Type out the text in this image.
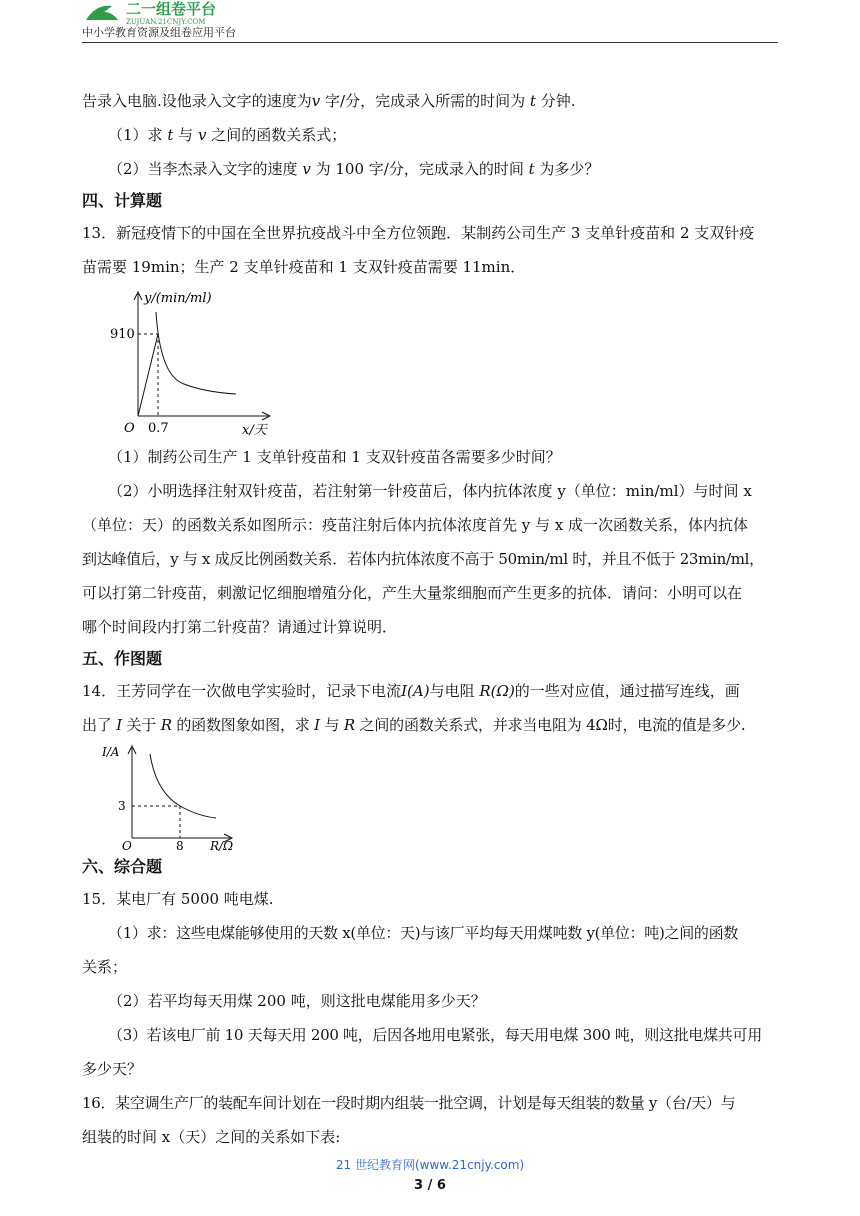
二一组卷平台
ZUJUAN.21CNJY.COM
中小学教育资源及组卷应用平台

告录入电脑.设他录入文字的速度为v 字/分，完成录入所需的时间为 t 分钟.

（1）求 t 与 v 之间的函数关系式；

（2）当李杰录入文字的速度 v 为 100 字/分，完成录入的时间 t 为多少？

四、计算题

13．新冠疫情下的中国在全世界抗疫战斗中全方位领跑．某制药公司生产 3 支单针疫苗和 2 支双针疫

苗需要 19min；生产 2 支单针疫苗和 1 支双针疫苗需要 11min．

y/(min/ml)
910
O 0.7	x/天

（1）制药公司生产 1 支单针疫苗和 1 支双针疫苗各需要多少时间？

（2）小明选择注射双针疫苗，若注射第一针疫苗后，体内抗体浓度 y（单位：min/ml）与时间 x

（单位：天）的函数关系如图所示：疫苗注射后体内抗体浓度首先 y 与 x 成一次函数关系，体内抗体

到达峰值后，y 与 x 成反比例函数关系．若体内抗体浓度不高于 50min/ml 时，并且不低于 23min/ml，

可以打第二针疫苗，刺激记忆细胞增殖分化，产生大量浆细胞而产生更多的抗体．请问：小明可以在

哪个时间段内打第二针疫苗？请通过计算说明．

五、作图题

14．王芳同学在一次做电学实验时，记录下电流I(A)与电阻 R(Ω)的一些对应值，通过描写连线，画

出了 I 关于 R 的函数图象如图，求 I 与 R 之间的函数关系式，并求当电阻为 4Ω时，电流的值是多少.

I/A
3
O	8 R/Ω

六、综合题

15．某电厂有 5000 吨电煤.

（1）求：这些电煤能够使用的天数 x(单位：天)与该厂平均每天用煤吨数 y(单位：吨)之间的函数

关系；

（2）若平均每天用煤 200 吨，则这批电煤能用多少天？

（3）若该电厂前 10 天每天用 200 吨，后因各地用电紧张，每天用电煤 300 吨，则这批电煤共可用

多少天？

16．某空调生产厂的装配车间计划在一段时期内组装一批空调，计划是每天组装的数量 y（台/天）与

组装的时间 x（天）之间的关系如下表:

21 世纪教育网(www.21cnjy.com)
3 / 6
